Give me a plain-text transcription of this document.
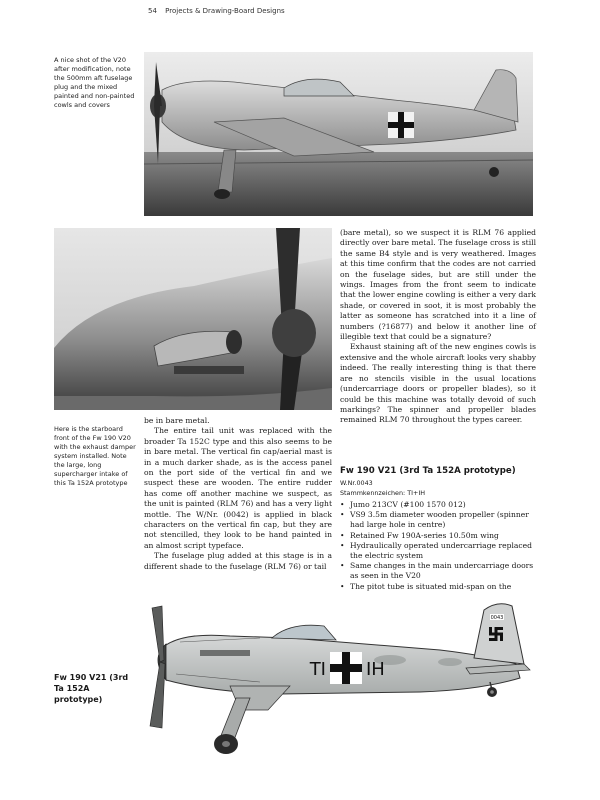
54 Projects & Drawing-Board Designs
A nice shot of the V20 after modification, note the 500mm aft fuselage plug and the mixed painted and non-painted cowls and covers
Here is the starboard front of the Fw 190 V20 with the exhaust damper system installed. Note the large, long supercharger intake of this Ta 152A prototype

be in bare metal.

The entire tail unit was replaced with the broader Ta 152C type and this also seems to be in bare metal. The vertical fin cap/aerial mast is in a much darker shade, as is the access panel on the port side of the vertical fin and we suspect these are wooden. The entire rudder has come off another machine we suspect, as the unit is painted (RLM 76) and has a very light mottle. The W/Nr. (0042) is applied in black characters on the vertical fin cap, but they are not stencilled, they look to be hand painted in an almost script typeface.

The fuselage plug added at this stage is in a different shade to the fuselage (RLM 76) or tail

(bare metal), so we suspect it is RLM 76 applied directly over bare metal. The fuselage cross is still the same B4 style and is very weathered. Images at this time confirm that the codes are not carried on the fuselage sides, but are still under the wings. Images from the front seem to indicate that the lower engine cowling is either a very dark shade, or covered in soot, it is most probably the latter as someone has scratched into it a line of numbers (?16877) and below it another line of illegible text that could be a signature?

Exhaust staining aft of the new engines cowls is extensive and the whole aircraft looks very shabby indeed. The really interesting thing is that there are no stencils visible in the usual locations (undercarriage doors or propeller blades), so it could be this machine was totally devoid of such markings? The spinner and propeller blades remained RLM 70 throughout the types career.

Fw 190 V21 (3rd Ta 152A prototype)
W.Nr.0043
Stammkennzeichen: TI+IH
• Jumo 213CV (#100 1570 012)
• VS9 3.5m diameter wooden propeller (spinner had large hole in centre)
• Retained Fw 190A-series 10.50m wing
• Hydraulically operated undercarriage replaced the electric system
• Same changes in the main undercarriage doors as seen in the V20
• The pitot tube is situated mid-span on the
0043
TI IH
Fw 190 V21 (3rd Ta 152A prototype)
